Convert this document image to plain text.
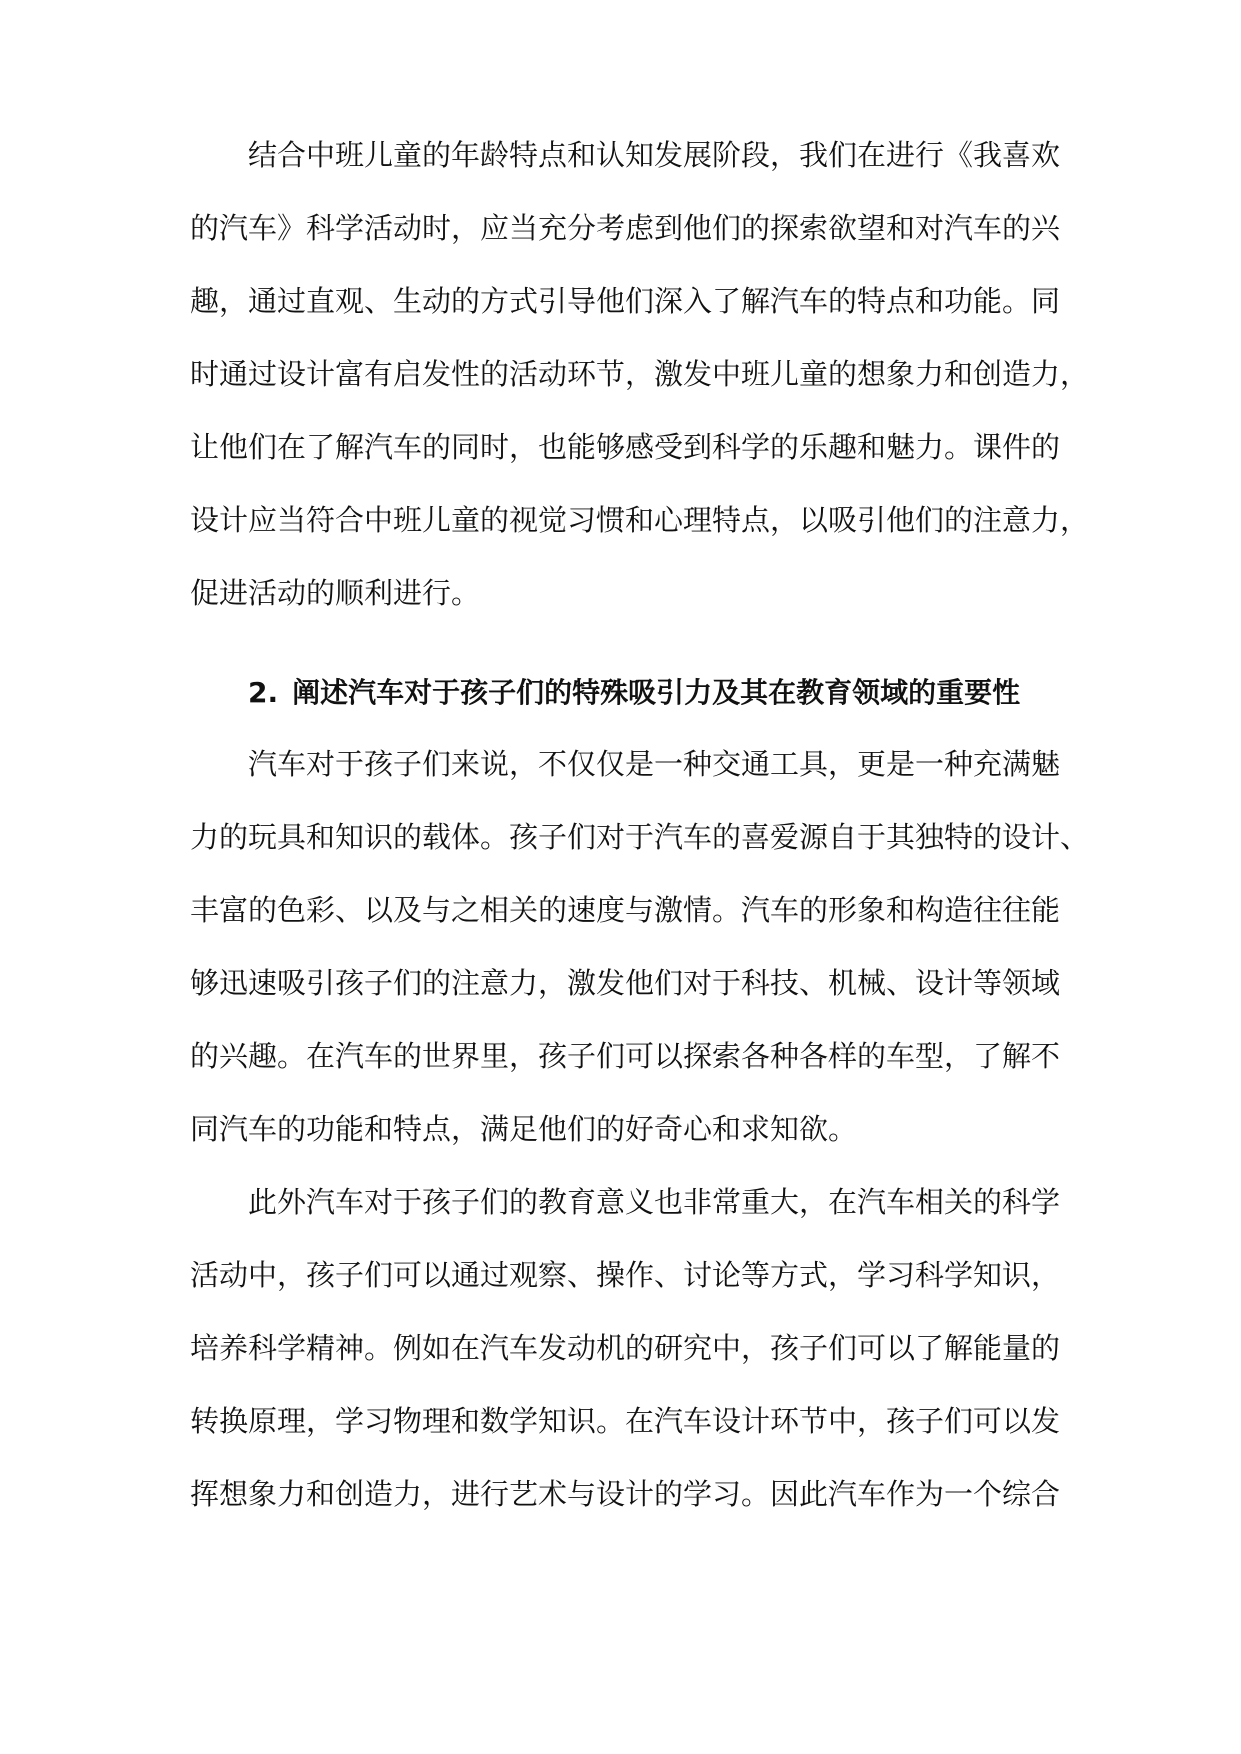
结合中班儿童的年龄特点和认知发展阶段，我们在进行《我喜欢
的汽车》科学活动时，应当充分考虑到他们的探索欲望和对汽车的兴
趣，通过直观、生动的方式引导他们深入了解汽车的特点和功能。同
时通过设计富有启发性的活动环节，激发中班儿童的想象力和创造力，
让他们在了解汽车的同时，也能够感受到科学的乐趣和魅力。课件的
设计应当符合中班儿童的视觉习惯和心理特点，以吸引他们的注意力，
促进活动的顺利进行。
2. 阐述汽车对于孩子们的特殊吸引力及其在教育领域的重要性
汽车对于孩子们来说，不仅仅是一种交通工具，更是一种充满魅
力的玩具和知识的载体。孩子们对于汽车的喜爱源自于其独特的设计、
丰富的色彩、以及与之相关的速度与激情。汽车的形象和构造往往能
够迅速吸引孩子们的注意力，激发他们对于科技、机械、设计等领域
的兴趣。在汽车的世界里，孩子们可以探索各种各样的车型，了解不
同汽车的功能和特点，满足他们的好奇心和求知欲。
此外汽车对于孩子们的教育意义也非常重大，在汽车相关的科学
活动中，孩子们可以通过观察、操作、讨论等方式，学习科学知识，
培养科学精神。例如在汽车发动机的研究中，孩子们可以了解能量的
转换原理，学习物理和数学知识。在汽车设计环节中，孩子们可以发
挥想象力和创造力，进行艺术与设计的学习。因此汽车作为一个综合
